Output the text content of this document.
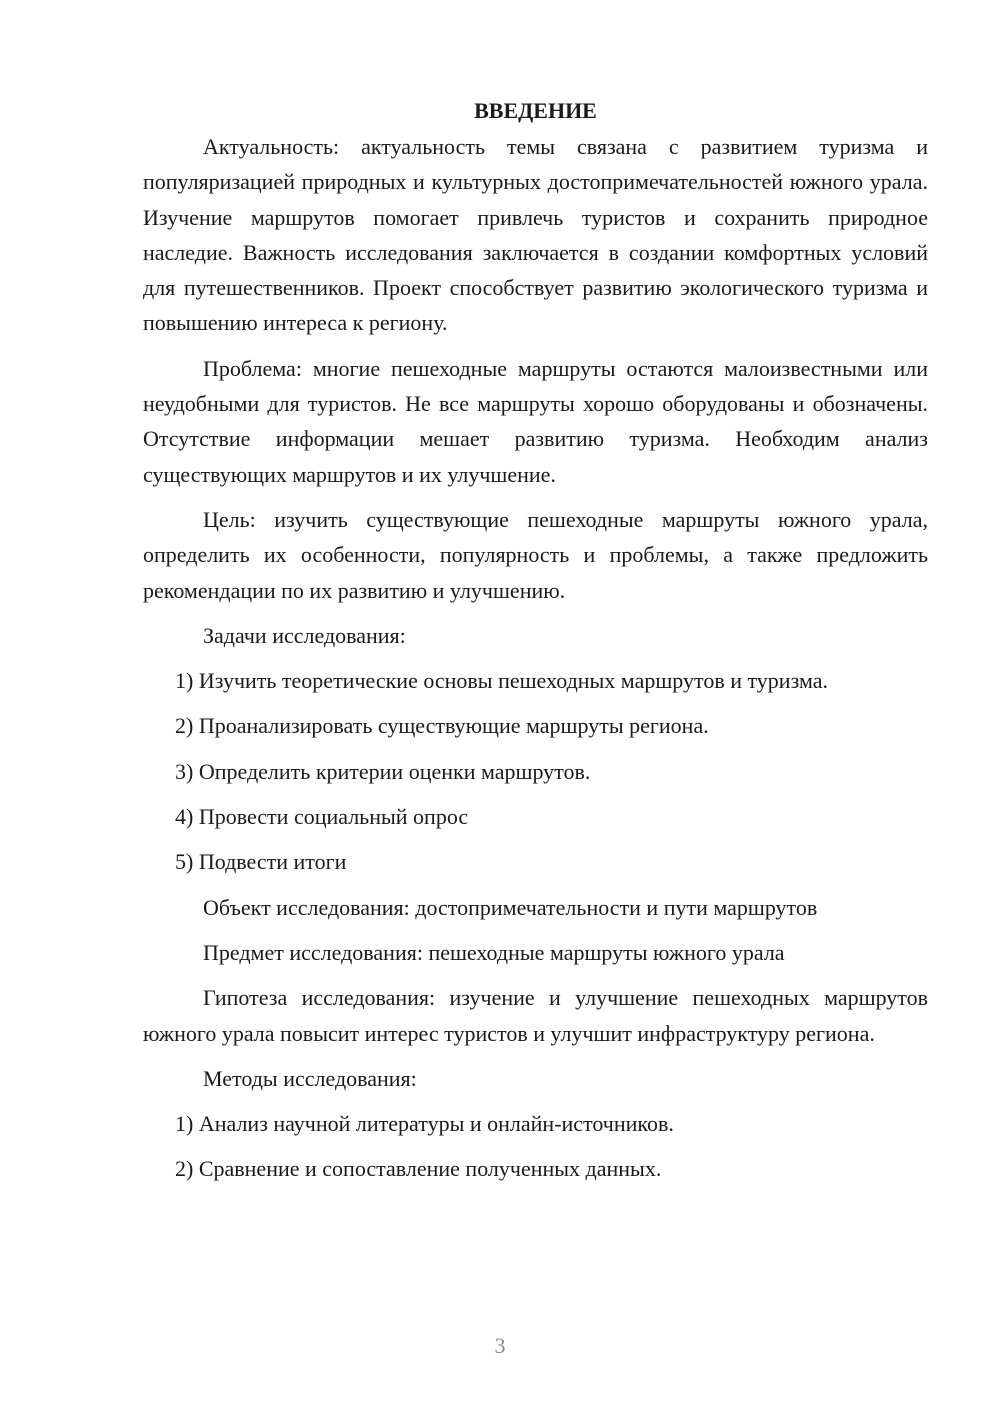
ВВЕДЕНИЕ

Актуальность: актуальность темы связана с развитием туризма и популяризацией природных и культурных достопримечательностей южного урала. Изучение маршрутов помогает привлечь туристов и сохранить природное наследие. Важность исследования заключается в создании комфортных условий для путешественников. Проект способствует развитию экологического туризма и повышению интереса к региону.

Проблема: многие пешеходные маршруты остаются малоизвестными или неудобными для туристов. Не все маршруты хорошо оборудованы и обозначены. Отсутствие информации мешает развитию туризма. Необходим анализ существующих маршрутов и их улучшение.

Цель: изучить существующие пешеходные маршруты южного урала, определить их особенности, популярность и проблемы, а также предложить рекомендации по их развитию и улучшению.

Задачи исследования:
1) Изучить теоретические основы пешеходных маршрутов и туризма.
2) Проанализировать существующие маршруты региона.
3) Определить критерии оценки маршрутов.
4) Провести социальный опрос
5) Подвести итоги
Объект исследования: достопримечательности и пути маршрутов
Предмет исследования: пешеходные маршруты южного урала

Гипотеза исследования: изучение и улучшение пешеходных маршрутов южного урала повысит интерес туристов и улучшит инфраструктуру региона.

Методы исследования:
1) Анализ научной литературы и онлайн-источников.
2) Сравнение и сопоставление полученных данных.
3
